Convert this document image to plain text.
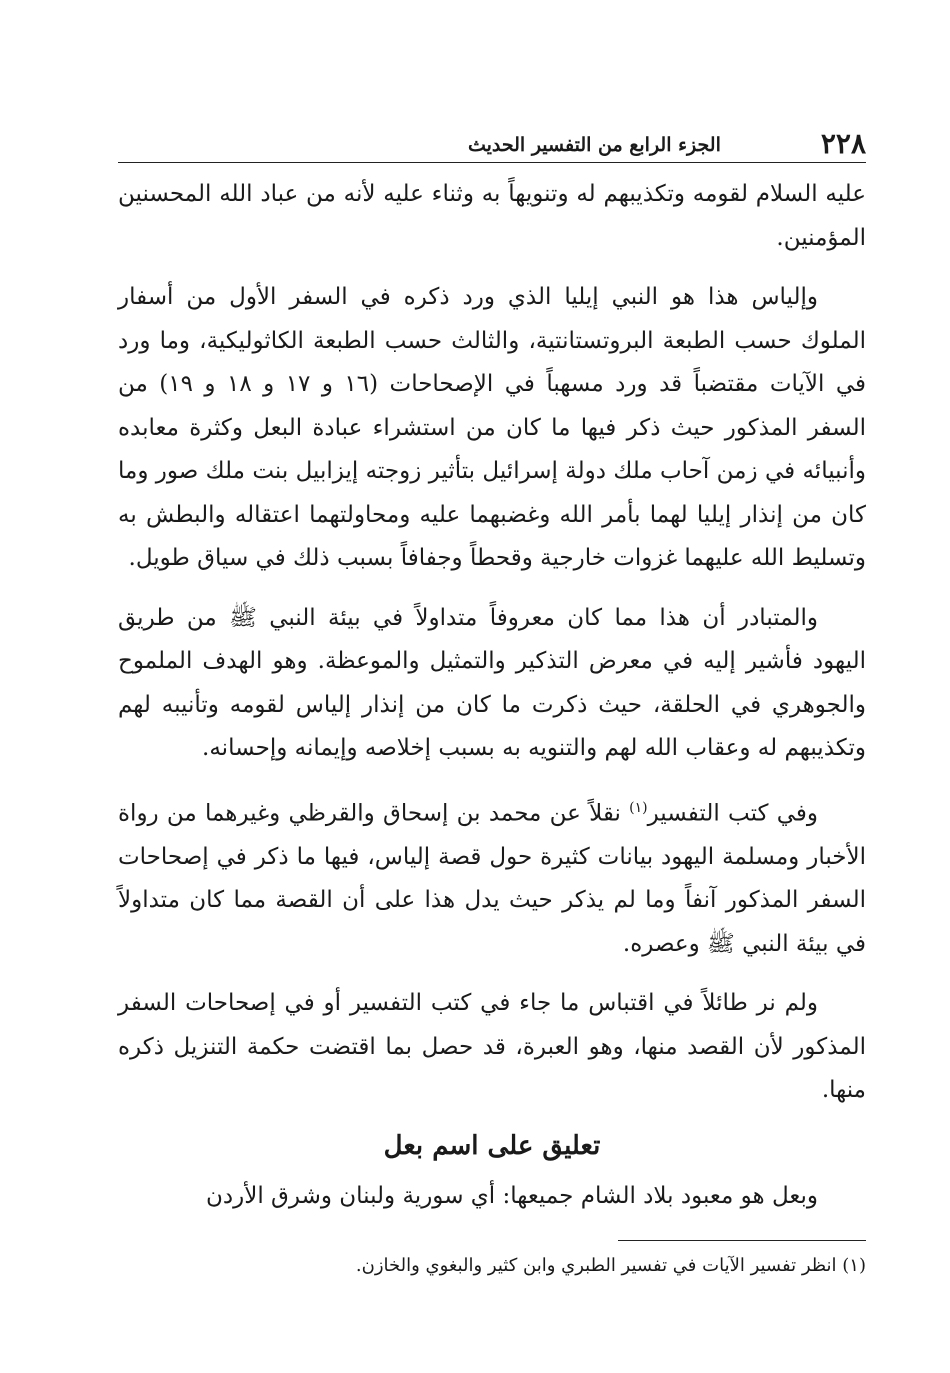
٢٢٨
الجزء الرابع من التفسير الحديث

عليه السلام لقومه وتكذيبهم له وتنويهاً به وثناء عليه لأنه من عباد الله المحسنين المؤمنين.

وإلياس هذا هو النبي إيليا الذي ورد ذكره في السفر الأول من أسفار الملوك حسب الطبعة البروتستانتية، والثالث حسب الطبعة الكاثوليكية، وما ورد في الآيات مقتضباً قد ورد مسهباً في الإصحاحات (١٦ و ١٧ و ١٨ و ١٩) من السفر المذكور حيث ذكر فيها ما كان من استشراء عبادة البعل وكثرة معابده وأنبيائه في زمن آحاب ملك دولة إسرائيل بتأثير زوجته إيزابيل بنت ملك صور وما كان من إنذار إيليا لهما بأمر الله وغضبهما عليه ومحاولتهما اعتقاله والبطش به وتسليط الله عليهما غزوات خارجية وقحطاً وجفافاً بسبب ذلك في سياق طويل.

والمتبادر أن هذا مما كان معروفاً متداولاً في بيئة النبي ﷺ من طريق اليهود فأشير إليه في معرض التذكير والتمثيل والموعظة. وهو الهدف الملموح والجوهري في الحلقة، حيث ذكرت ما كان من إنذار إلياس لقومه وتأنيبه لهم وتكذيبهم له وعقاب الله لهم والتنويه به بسبب إخلاصه وإيمانه وإحسانه.

وفي كتب التفسير$^{(١)}$ نقلاً عن محمد بن إسحاق والقرظي وغيرهما من رواة الأخبار ومسلمة اليهود بيانات كثيرة حول قصة إلياس، فيها ما ذكر في إصحاحات السفر المذكور آنفاً وما لم يذكر حيث يدل هذا على أن القصة مما كان متداولاً في بيئة النبي ﷺ وعصره.

ولم نر طائلاً في اقتباس ما جاء في كتب التفسير أو في إصحاحات السفر المذكور لأن القصد منها، وهو العبرة، قد حصل بما اقتضت حكمة التنزيل ذكره منها.

تعليق على اسم بعل

وبعل هو معبود بلاد الشام جميعها: أي سورية ولبنان وشرق الأردن

(١) انظر تفسير الآيات في تفسير الطبري وابن كثير والبغوي والخازن.
